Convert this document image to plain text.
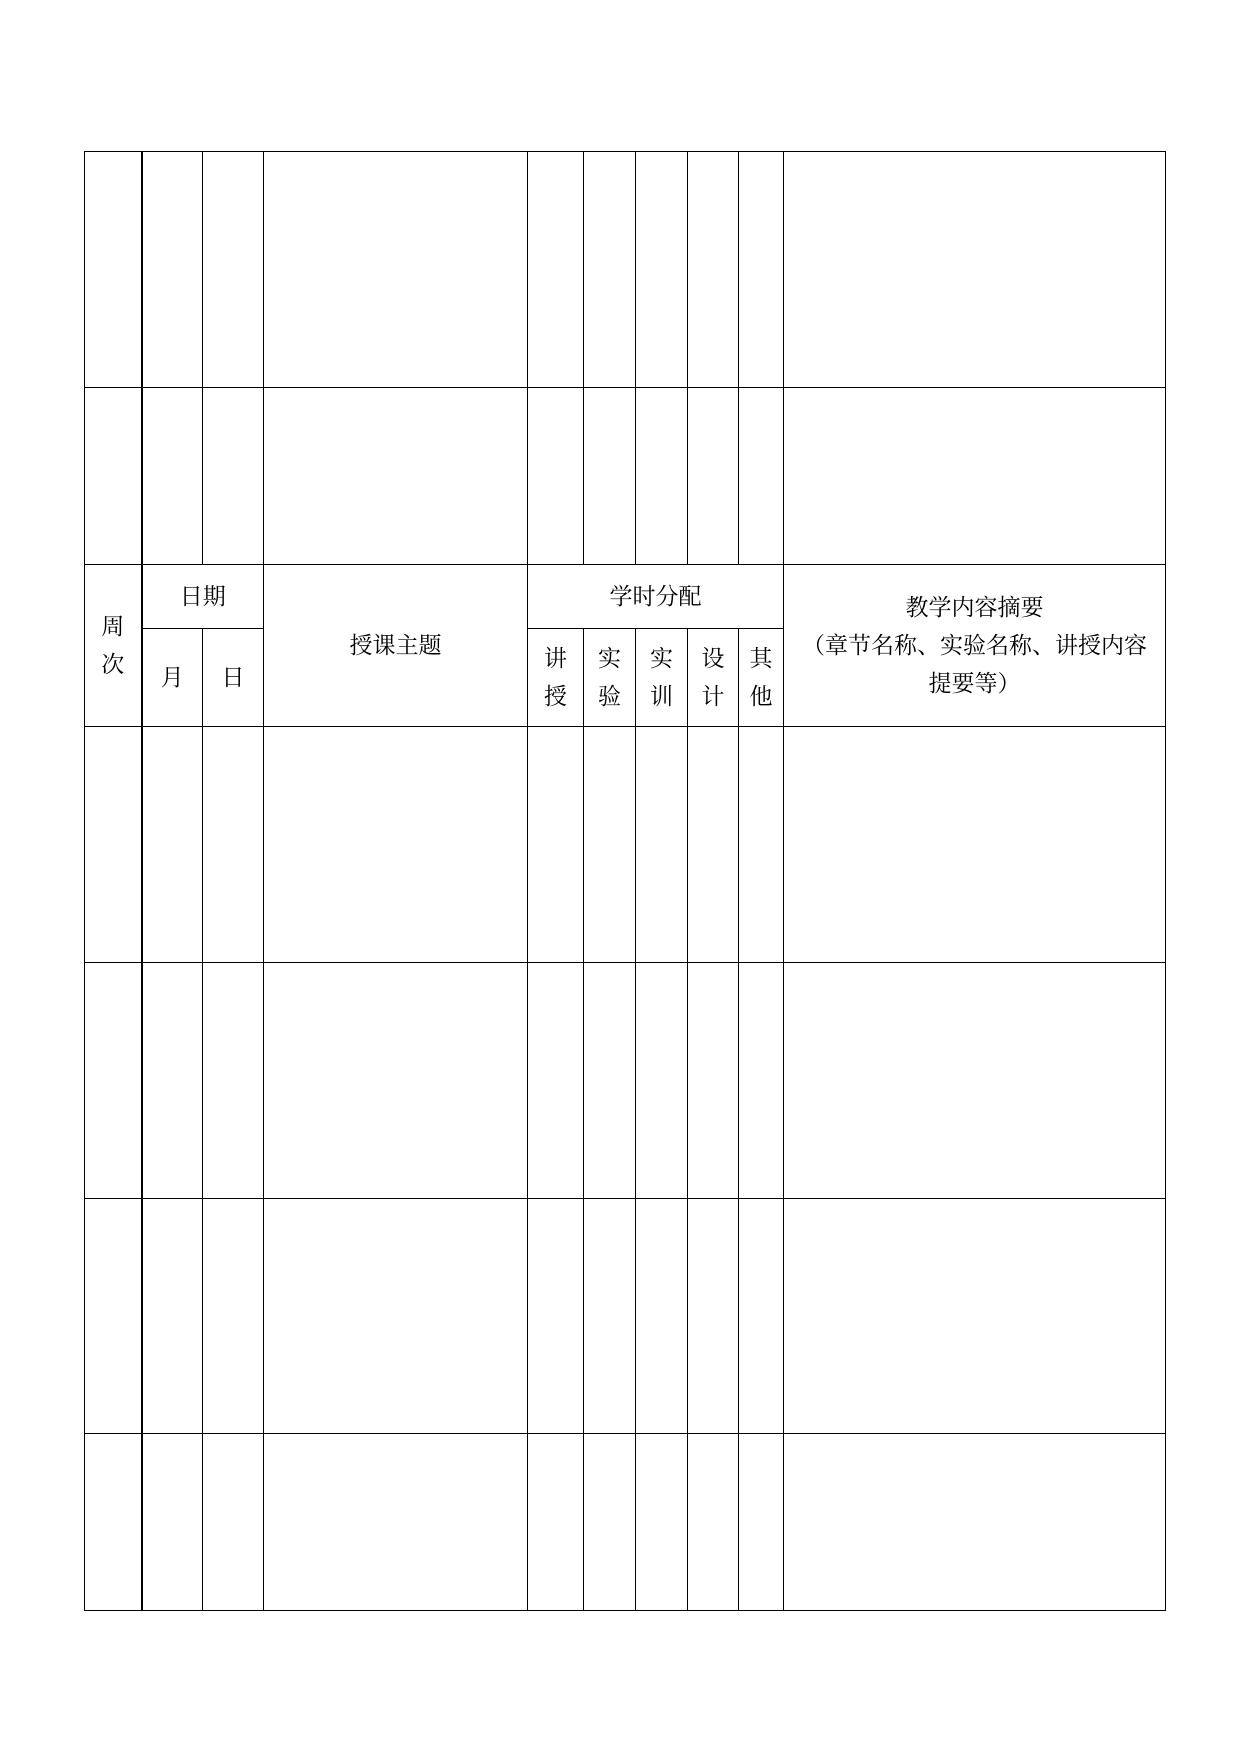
周次	日期		授课主题	学时分配					教学内容摘要
（章节名称、实验名称、讲授内容提要等）

	月	日		讲授	实验	实训	设计	其他	
